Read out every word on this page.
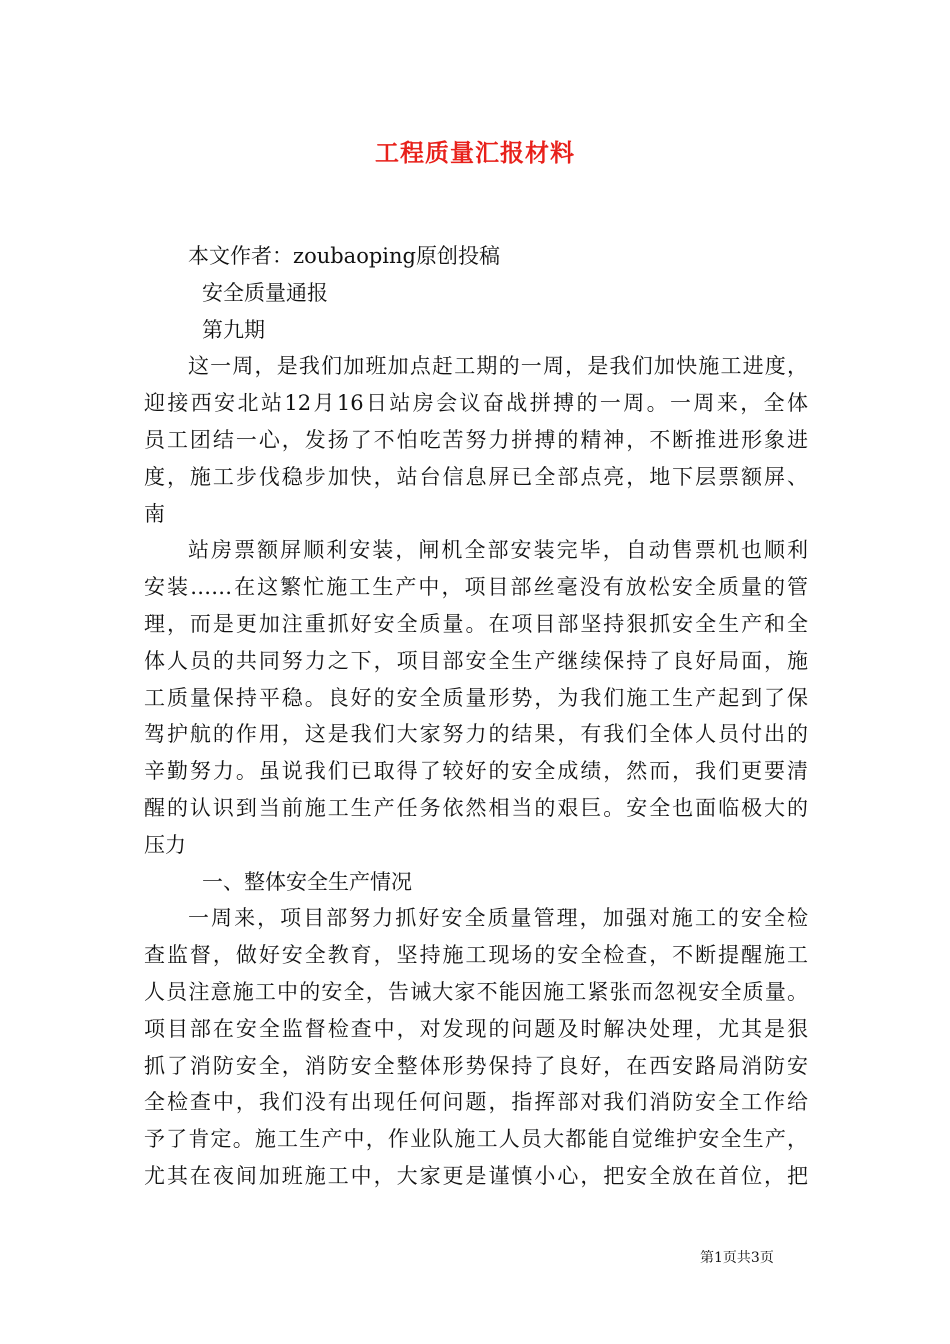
工程质量汇报材料
本文作者：zoubaoping原创投稿
安全质量通报
第九期
这一周，是我们加班加点赶工期的一周，是我们加快施工进度，
迎接西安北站12月16日站房会议奋战拼搏的一周。一周来，全体
员工团结一心，发扬了不怕吃苦努力拼搏的精神，不断推进形象进
度，施工步伐稳步加快，站台信息屏已全部点亮，地下层票额屏、
南
站房票额屏顺利安装，闸机全部安装完毕，自动售票机也顺利
安装……在这繁忙施工生产中，项目部丝毫没有放松安全质量的管
理，而是更加注重抓好安全质量。在项目部坚持狠抓安全生产和全
体人员的共同努力之下，项目部安全生产继续保持了良好局面，施
工质量保持平稳。良好的安全质量形势，为我们施工生产起到了保
驾护航的作用，这是我们大家努力的结果，有我们全体人员付出的
辛勤努力。虽说我们已取得了较好的安全成绩，然而，我们更要清
醒的认识到当前施工生产任务依然相当的艰巨。安全也面临极大的
压力
一、整体安全生产情况
一周来，项目部努力抓好安全质量管理，加强对施工的安全检
查监督，做好安全教育，坚持施工现场的安全检查，不断提醒施工
人员注意施工中的安全，告诫大家不能因施工紧张而忽视安全质量。
项目部在安全监督检查中，对发现的问题及时解决处理，尤其是狠
抓了消防安全，消防安全整体形势保持了良好，在西安路局消防安
全检查中，我们没有出现任何问题，指挥部对我们消防安全工作给
予了肯定。施工生产中，作业队施工人员大都能自觉维护安全生产，
尤其在夜间加班施工中，大家更是谨慎小心，把安全放在首位，把
第1页共3页
